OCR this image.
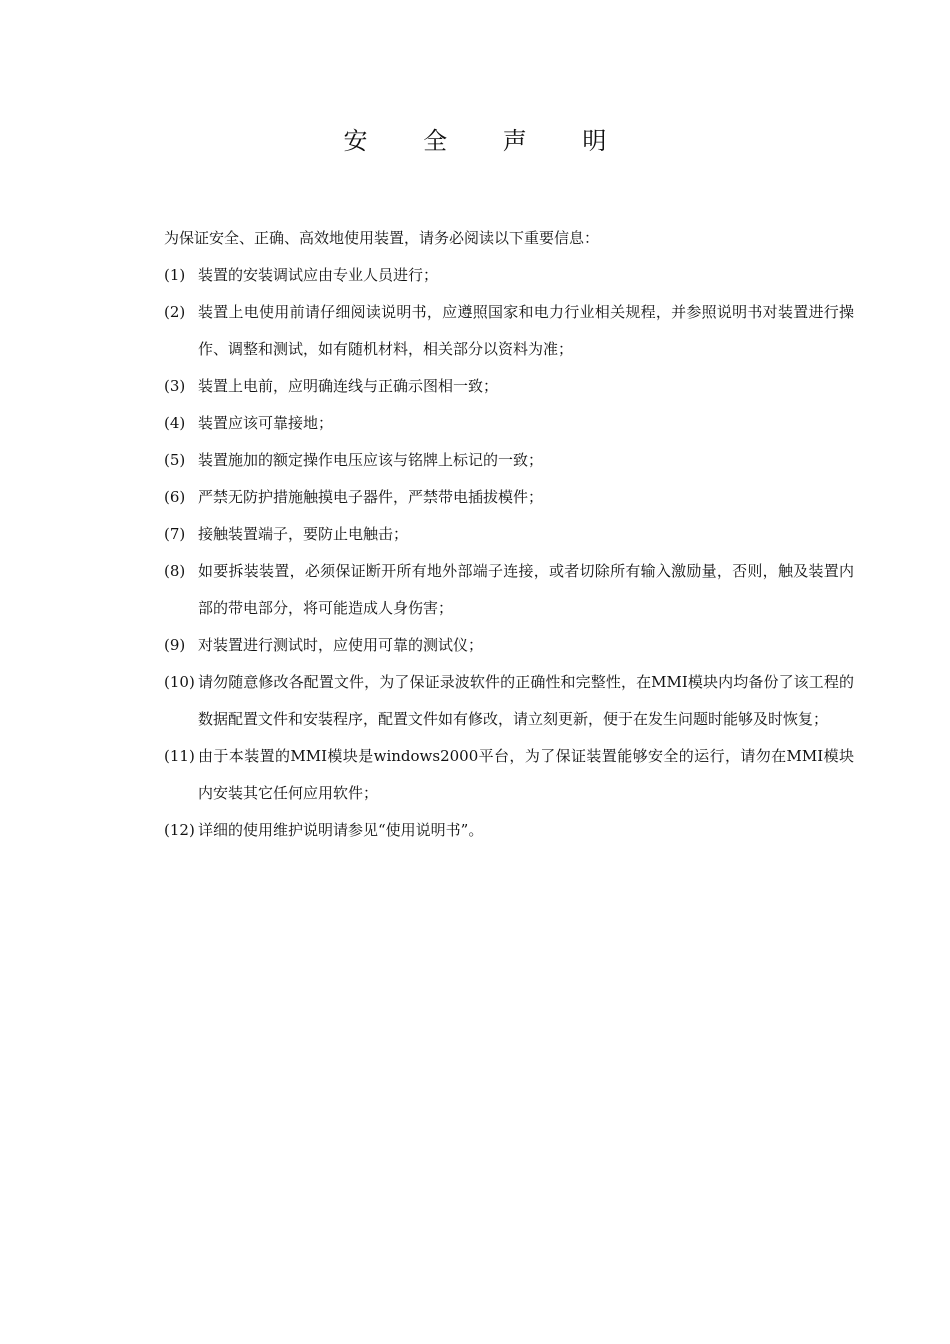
安 全 声 明

为保证安全、正确、高效地使用装置，请务必阅读以下重要信息：

(1) 装置的安装调试应由专业人员进行；
(2) 装置上电使用前请仔细阅读说明书，应遵照国家和电力行业相关规程，并参照说明书对装置进行操作、调整和测试，如有随机材料，相关部分以资料为准；
(3) 装置上电前，应明确连线与正确示图相一致；
(4) 装置应该可靠接地；
(5) 装置施加的额定操作电压应该与铭牌上标记的一致；
(6) 严禁无防护措施触摸电子器件，严禁带电插拔模件；
(7) 接触装置端子，要防止电触击；
(8) 如要拆装装置，必须保证断开所有地外部端子连接，或者切除所有输入激励量，否则，触及装置内部的带电部分，将可能造成人身伤害；
(9) 对装置进行测试时，应使用可靠的测试仪；
(10) 请勿随意修改各配置文件，为了保证录波软件的正确性和完整性，在MMI模块内均备份了该工程的数据配置文件和安装程序，配置文件如有修改，请立刻更新，便于在发生问题时能够及时恢复；
(11) 由于本装置的MMI模块是windows2000平台，为了保证装置能够安全的运行，请勿在MMI模块内安装其它任何应用软件；
(12) 详细的使用维护说明请参见“使用说明书”。
